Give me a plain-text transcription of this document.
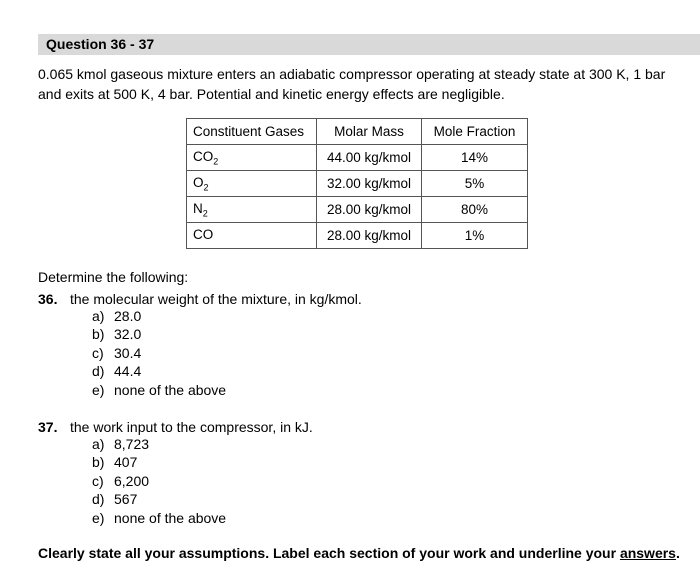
Question 36 - 37
0.065 kmol gaseous mixture enters an adiabatic compressor operating at steady state at 300 K, 1 bar
and exits at 500 K, 4 bar. Potential and kinetic energy effects are negligible.
Constituent Gases	Molar Mass	Mole Fraction
$CO_2$	44.00 kg/kmol	14%
$O_2$	32.00 kg/kmol	5%
$N_2$	28.00 kg/kmol	80%
CO	28.00 kg/kmol	1%
Determine the following:
36. the molecular weight of the mixture, in kg/kmol.
a) 28.0
b) 32.0
c) 30.4
d) 44.4
e) none of the above
37. the work input to the compressor, in kJ.
a) 8,723
b) 407
c) 6,200
d) 567
e) none of the above
Clearly state all your assumptions. Label each section of your work and underline your answers.
